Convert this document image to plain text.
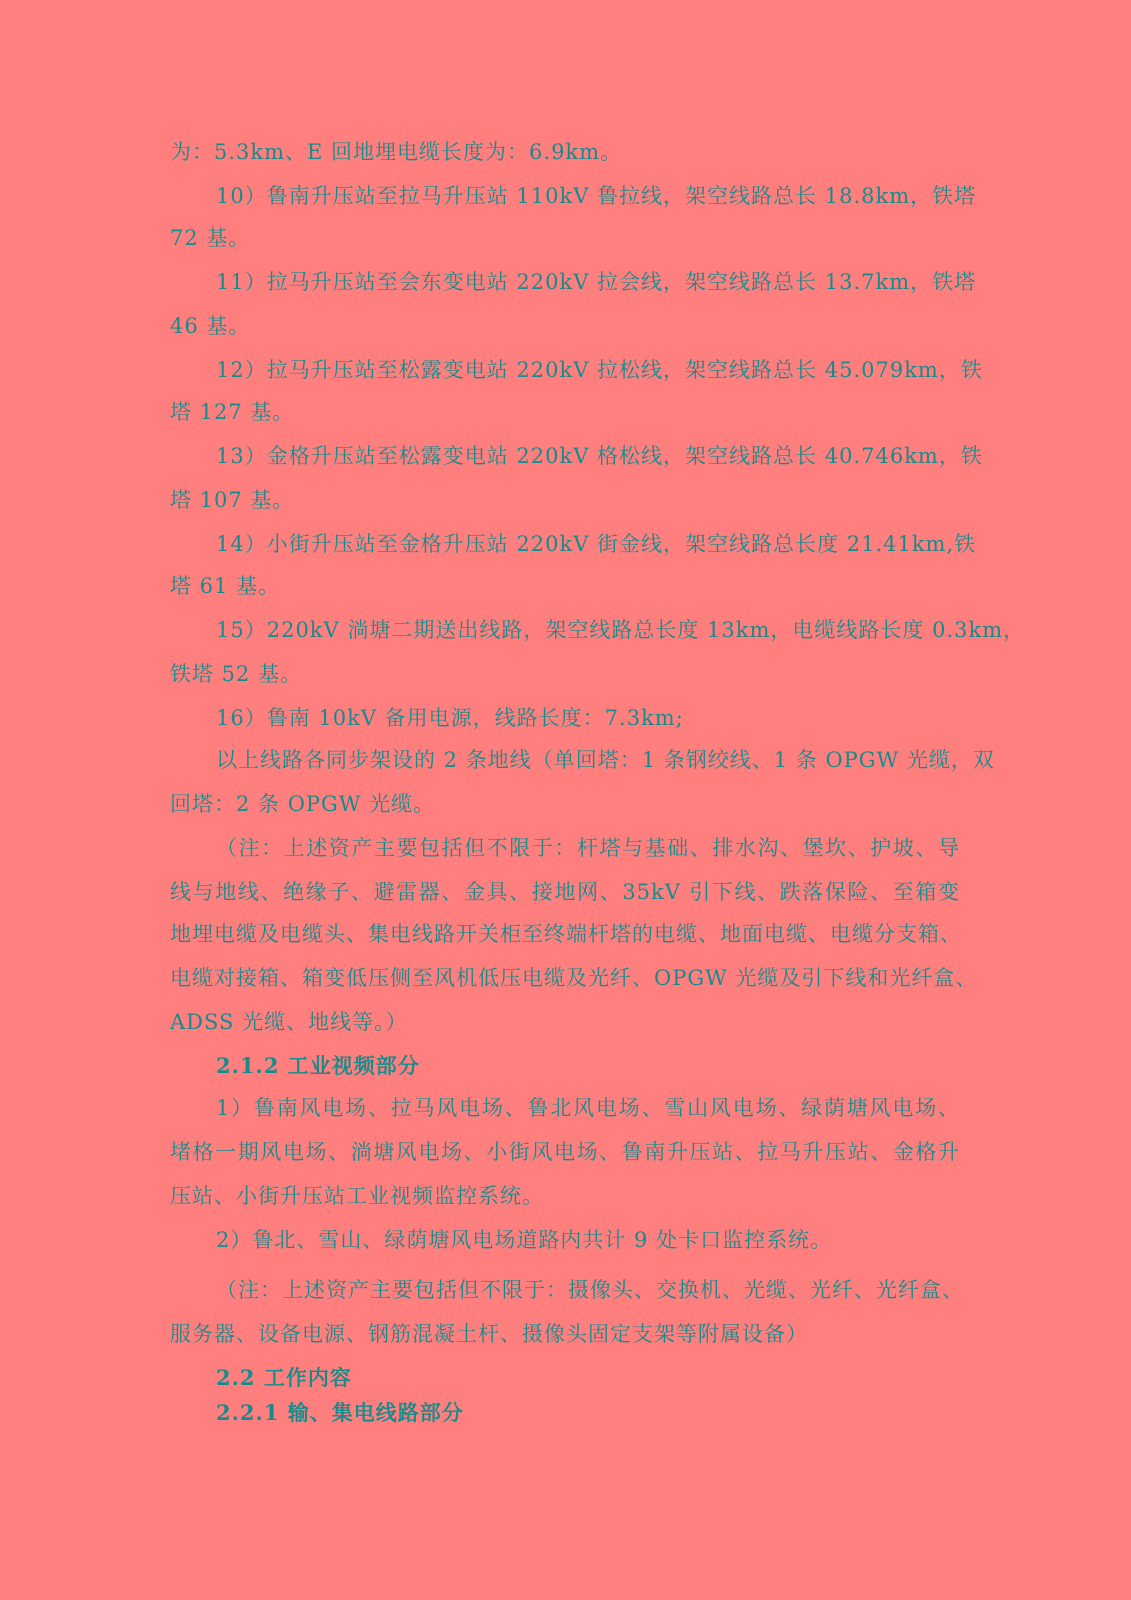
为：5.3km、E 回地埋电缆长度为：6.9km。
10）鲁南升压站至拉马升压站 110kV 鲁拉线，架空线路总长 18.8km，铁塔
72 基。
11）拉马升压站至会东变电站 220kV 拉会线，架空线路总长 13.7km，铁塔
46 基。
12）拉马升压站至松露变电站 220kV 拉松线，架空线路总长 45.079km，铁
塔 127 基。
13）金格升压站至松露变电站 220kV 格松线，架空线路总长 40.746km，铁
塔 107 基。
14）小街升压站至金格升压站 220kV 街金线，架空线路总长度 21.41km,铁
塔 61 基。
15）220kV 淌塘二期送出线路，架空线路总长度 13km，电缆线路长度 0.3km，
铁塔 52 基。
16）鲁南 10kV 备用电源，线路长度：7.3km;
以上线路各同步架设的 2 条地线（单回塔：1 条钢绞线、1 条 OPGW 光缆，双
回塔：2 条 OPGW 光缆。
（注：上述资产主要包括但不限于：杆塔与基础、排水沟、堡坎、护坡、导
线与地线、绝缘子、避雷器、金具、接地网、35kV 引下线、跌落保险、至箱变
地埋电缆及电缆头、集电线路开关柜至终端杆塔的电缆、地面电缆、电缆分支箱、
电缆对接箱、箱变低压侧至风机低压电缆及光纤、OPGW 光缆及引下线和光纤盒、
ADSS 光缆、地线等。）
2.1.2 工业视频部分
1）鲁南风电场、拉马风电场、鲁北风电场、雪山风电场、绿荫塘风电场、
堵格一期风电场、淌塘风电场、小街风电场、鲁南升压站、拉马升压站、金格升
压站、小街升压站工业视频监控系统。
2）鲁北、雪山、绿荫塘风电场道路内共计 9 处卡口监控系统。
（注：上述资产主要包括但不限于：摄像头、交换机、光缆、光纤、光纤盒、
服务器、设备电源、钢筋混凝土杆、摄像头固定支架等附属设备）
2.2 工作内容
2.2.1 输、集电线路部分
